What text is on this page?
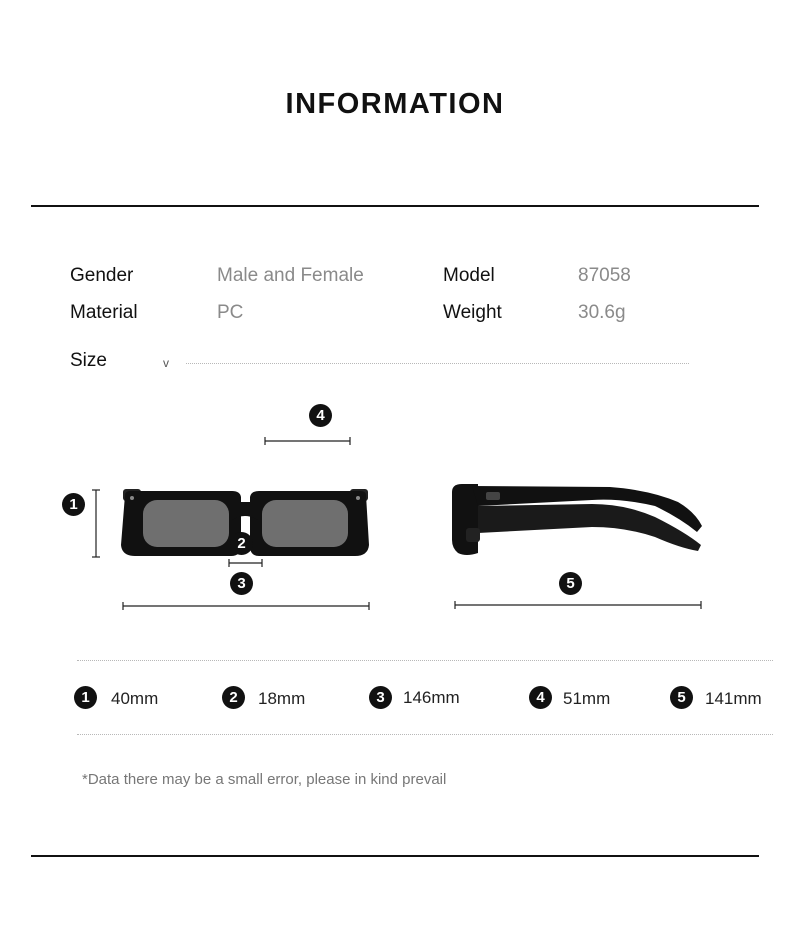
INFORMATION
Gender	Male and Female	Model	87058
Material	PC	Weight	30.6g
Size	v
1
2
3
4
5
1	40mm	2	18mm	3	146mm	4	51mm	5	141mm
*Data there may be a small error, please in kind prevail
